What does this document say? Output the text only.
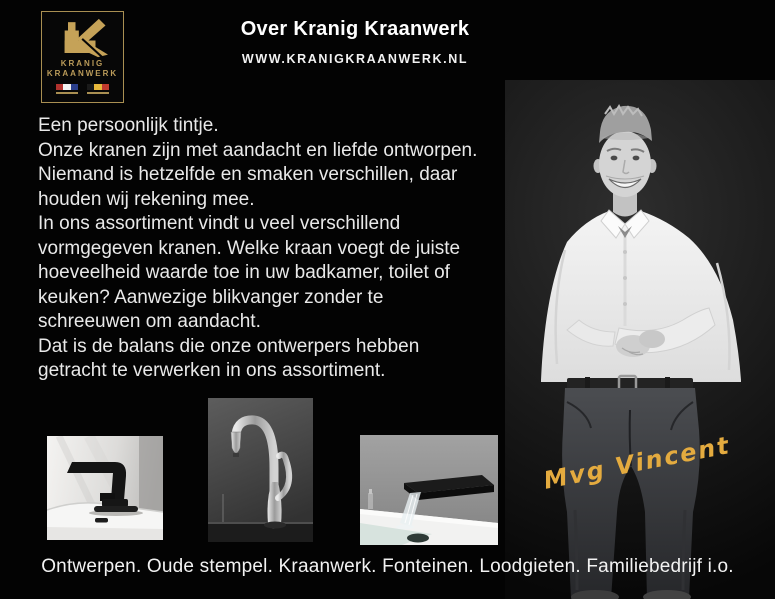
KRANIG
KRAANWERK
Over Kranig Kraanwerk
WWW.KRANIGKRAANWERK.NL
Een persoonlijk tintje.
Onze kranen zijn met aandacht en liefde ontworpen.
Niemand is hetzelfde en smaken verschillen, daar
houden wij rekening mee.
In ons assortiment vindt u veel verschillend
vormgegeven kranen. Welke kraan voegt de juiste
hoeveelheid waarde toe in uw badkamer, toilet of
keuken? Aanwezige blikvanger zonder te
schreeuwen om aandacht.
Dat is de balans die onze ontwerpers hebben
getracht te verwerken in ons assortiment.
Mvg Vincent
Ontwerpen. Oude stempel. Kraanwerk. Fonteinen. Loodgieten. Familiebedrijf i.o.
